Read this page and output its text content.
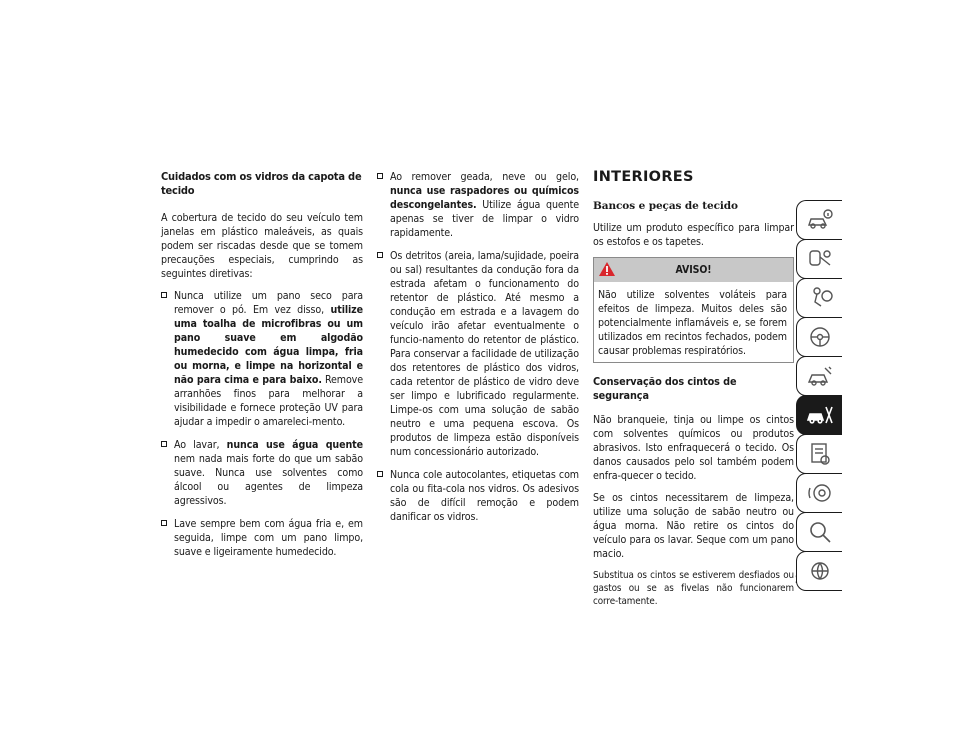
Cuidados com os vidros da capota de tecido

A cobertura de tecido do seu veículo tem janelas em plástico maleáveis, as quais podem ser riscadas desde que se tomem precauções especiais, cumprindo as seguintes diretivas:

Nunca utilize um pano seco para remover o pó. Em vez disso, utilize uma toalha de microfibras ou um pano suave em algodão humedecido com água limpa, fria ou morna, e limpe na horizontal e não para cima e para baixo. Remove arranhões finos para melhorar a visibilidade e fornece proteção UV para ajudar a impedir o amareleci-mento.
Ao lavar, nunca use água quente nem nada mais forte do que um sabão suave. Nunca use solventes como álcool ou agentes de limpeza agressivos.
Lave sempre bem com água fria e, em seguida, limpe com um pano limpo, suave e ligeiramente humedecido.
Ao remover geada, neve ou gelo, nunca use raspadores ou químicos descongelantes. Utilize água quente apenas se tiver de limpar o vidro rapidamente.
Os detritos (areia, lama/sujidade, poeira ou sal) resultantes da condução fora da estrada afetam o funcionamento do retentor de plástico. Até mesmo a condução em estrada e a lavagem do veículo irão afetar eventualmente o funcio-namento do retentor de plástico. Para conservar a facilidade de utilização dos retentores de plástico dos vidros, cada retentor de plástico de vidro deve ser limpo e lubrificado regularmente. Limpe-os com uma solução de sabão neutro e uma pequena escova. Os produtos de limpeza estão disponíveis num concessionário autorizado.
Nunca cole autocolantes, etiquetas com cola ou fita-cola nos vidros. Os adesivos são de difícil remoção e podem danificar os vidros.
INTERIORES
Bancos e peças de tecido

Utilize um produto específico para limpar os estofos e os tapetes.

AVISO!
Não utilize solventes voláteis para efeitos de limpeza. Muitos deles são potencialmente inflamáveis e, se forem utilizados em recintos fechados, podem causar problemas respiratórios.
Conservação dos cintos de segurança

Não branqueie, tinja ou limpe os cintos com solventes químicos ou produtos abrasivos. Isto enfraquecerá o tecido. Os danos causados pelo sol também podem enfra-quecer o tecido.

Se os cintos necessitarem de limpeza, utilize uma solução de sabão neutro ou água morna. Não retire os cintos do veículo para os lavar. Seque com um pano macio.

Substitua os cintos se estiverem desfiados ou gastos ou se as fivelas não funcionarem corre-tamente.
